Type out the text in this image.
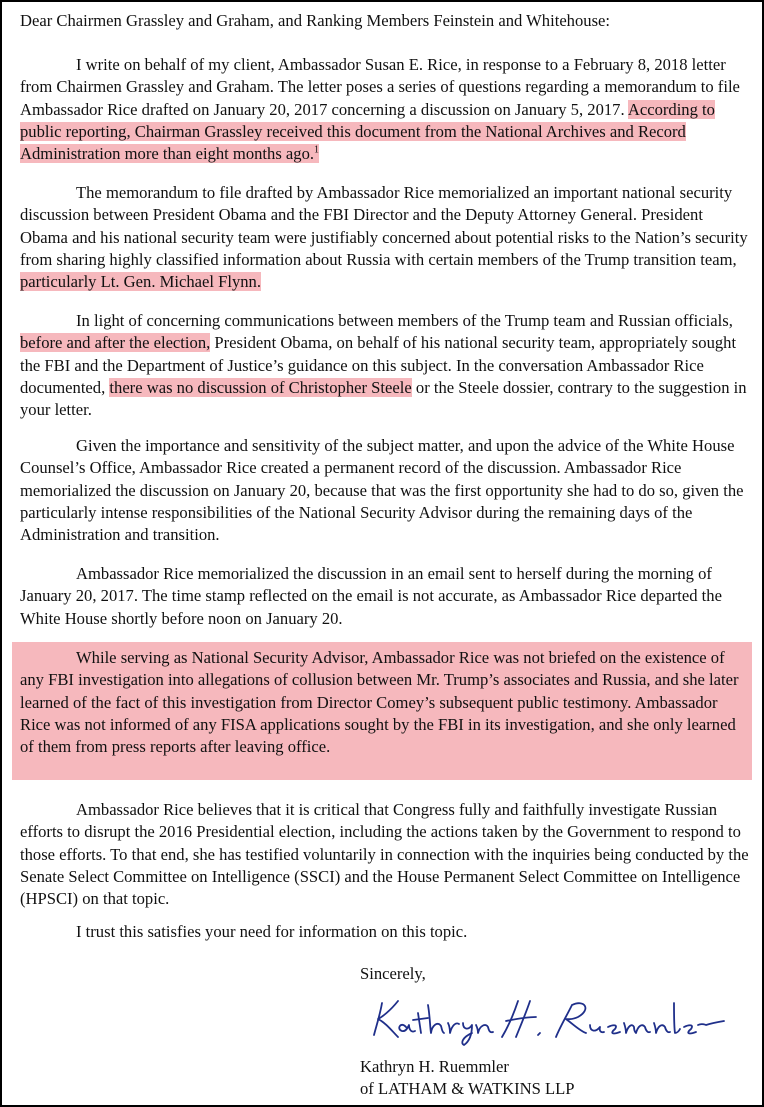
Dear Chairmen Grassley and Graham, and Ranking Members Feinstein and Whitehouse:

I write on behalf of my client, Ambassador Susan E. Rice, in response to a February 8, 2018 letter from Chairmen Grassley and Graham. The letter poses a series of questions regarding a memorandum to file Ambassador Rice drafted on January 20, 2017 concerning a discussion on January 5, 2017. According to public reporting, Chairman Grassley received this document from the National Archives and Record Administration more than eight months ago.$^1$

The memorandum to file drafted by Ambassador Rice memorialized an important national security discussion between President Obama and the FBI Director and the Deputy Attorney General. President Obama and his national security team were justifiably concerned about potential risks to the Nation’s security from sharing highly classified information about Russia with certain members of the Trump transition team, particularly Lt. Gen. Michael Flynn.

In light of concerning communications between members of the Trump team and Russian officials, before and after the election, President Obama, on behalf of his national security team, appropriately sought the FBI and the Department of Justice’s guidance on this subject. In the conversation Ambassador Rice documented, there was no discussion of Christopher Steele or the Steele dossier, contrary to the suggestion in your letter.

Given the importance and sensitivity of the subject matter, and upon the advice of the White House Counsel’s Office, Ambassador Rice created a permanent record of the discussion. Ambassador Rice memorialized the discussion on January 20, because that was the first opportunity she had to do so, given the particularly intense responsibilities of the National Security Advisor during the remaining days of the Administration and transition.

Ambassador Rice memorialized the discussion in an email sent to herself during the morning of January 20, 2017. The time stamp reflected on the email is not accurate, as Ambassador Rice departed the White House shortly before noon on January 20.

While serving as National Security Advisor, Ambassador Rice was not briefed on the existence of any FBI investigation into allegations of collusion between Mr. Trump’s associates and Russia, and she later learned of the fact of this investigation from Director Comey’s subsequent public testimony. Ambassador Rice was not informed of any FISA applications sought by the FBI in its investigation, and she only learned of them from press reports after leaving office.

Ambassador Rice believes that it is critical that Congress fully and faithfully investigate Russian efforts to disrupt the 2016 Presidential election, including the actions taken by the Government to respond to those efforts. To that end, she has testified voluntarily in connection with the inquiries being conducted by the Senate Select Committee on Intelligence (SSCI) and the House Permanent Select Committee on Intelligence (HPSCI) on that topic.

I trust this satisfies your need for information on this topic.

Sincerely,

Kathryn H. Ruemmler

of LATHAM & WATKINS LLP
